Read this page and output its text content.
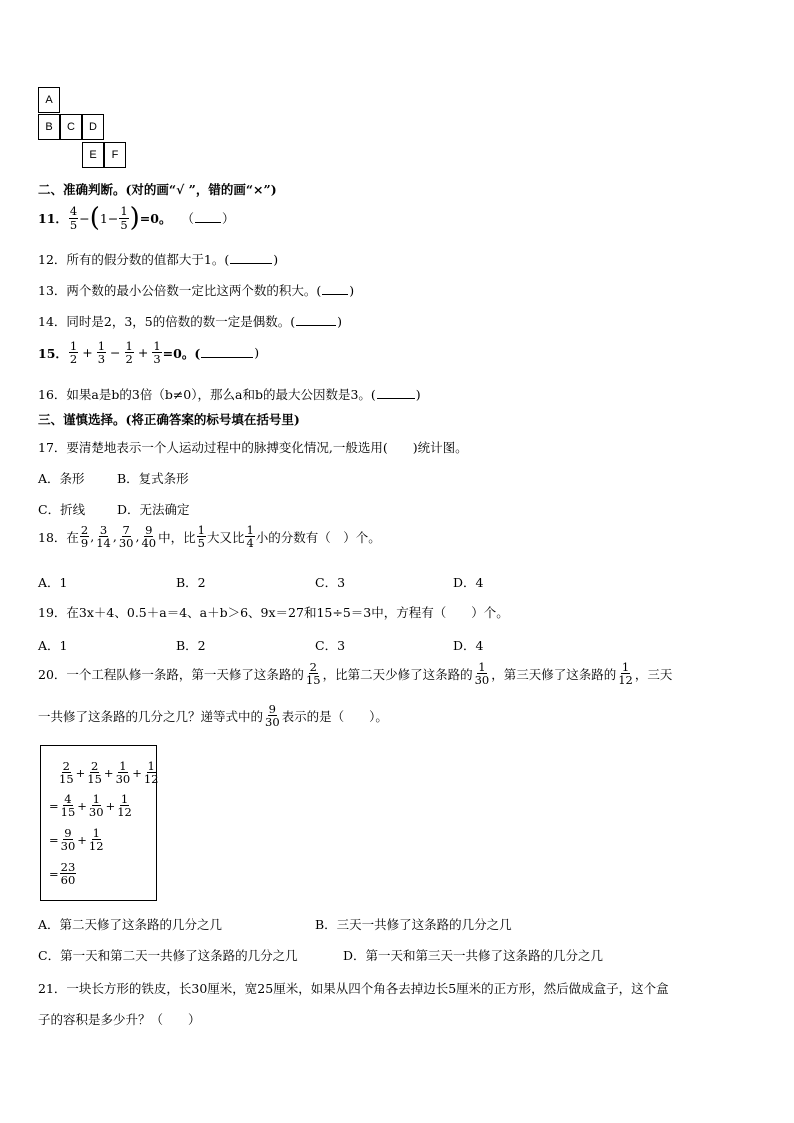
A
B	C	D
E	F
二、准确判断。(对的画“√ ”，错的画“×”)
11． $\frac{4}{5}$ − ( $1- \frac{1}{5}$ ) =0。 （ ）
12．所有的假分数的值都大于1。(	)
13．两个数的最小公倍数一定比这两个数的积大。( )
14．同时是2，3，5的倍数的数一定是偶数。(	)
15． $\frac{1}{2} + \frac{1}{3} - \frac{1}{2} + \frac{1}{3} =0$。(	)
16．如果a是b的3倍（b≠0），那么a和b的最大公因数是3。(	)
三、谨慎选择。(将正确答案的标号填在括号里)
17．要清楚地表示一个人运动过程中的脉搏变化情况,一般选用(　　)统计图。
A．条形	B．复式条形
C．折线	D．无法确定
18．在 $\frac{2}{9}$ , $\frac{3}{14}$ , $\frac{7}{30}$ , $\frac{9}{40}$ 中，比 $\frac{1}{5}$ 大又比 $\frac{1}{4}$ 小的分数有（　）个。
A．1	B．2	C．3	D．4
19．在3x＋4、0.5＋a＝4、a＋b＞6、9x＝27和15÷5＝3中，方程有（　　）个。
A．1	B．2	C．3	D．4
20．一个工程队修一条路，第一天修了这条路的 $\frac{2}{15}$ ，比第二天少修了这条路的 $\frac{1}{30}$ ，第三天修了这条路的 $\frac{1}{12}$ ，三天
一共修了这条路的几分之几？递等式中的 $\frac{9}{30}$ 表示的是（　　）。
$\frac{2}{15} + \frac{2}{15} + \frac{1}{30} + \frac{1}{12}$
= $\frac{4}{15} + \frac{1}{30} + \frac{1}{12}$
= $\frac{9}{30} + \frac{1}{12}$
= $\frac{23}{60}$
A．第二天修了这条路的几分之几	B．三天一共修了这条路的几分之几
C．第一天和第二天一共修了这条路的几分之几	D．第一天和第三天一共修了这条路的几分之几
21．一块长方形的铁皮，长30厘米，宽25厘米，如果从四个角各去掉边长5厘米的正方形，然后做成盒子，这个盒
子的容积是多少升？（　　）
